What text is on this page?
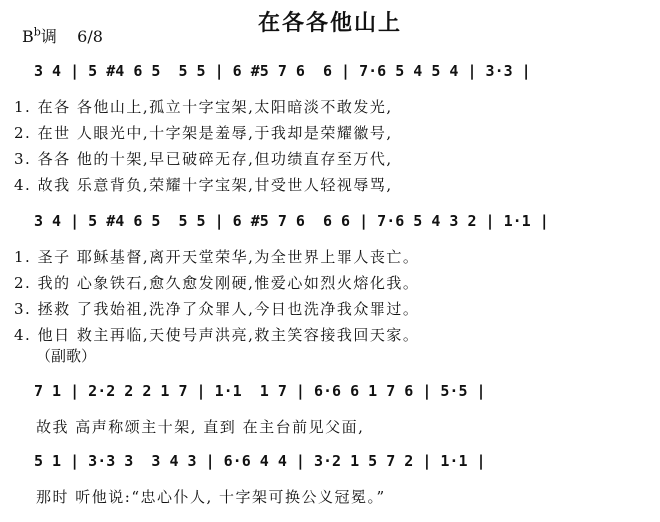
在各各他山上
$B^b$调 6/8
3 4 | 5 #4 6 5  5 5 | 6 #5 7 6  6 | 7·6 5 4 5 4 | 3·3 |
1. 在各 各他山上,孤立十字宝架,太阳暗淡不敢发光,
2. 在世 人眼光中,十字架是羞辱,于我却是荣耀徽号,
3. 各各 他的十架,早已破碎无存,但功绩直存至万代,
4. 故我 乐意背负,荣耀十字宝架,甘受世人轻视辱骂,
3 4 | 5 #4 6 5  5 5 | 6 #5 7 6  6 6 | 7·6 5 4 3 2 | 1·1 |
1. 圣子 耶稣基督,离开天堂荣华,为全世界上罪人丧亡。
2. 我的 心象铁石,愈久愈发刚硬,惟爱心如烈火熔化我。
3. 拯救 了我始祖,洗净了众罪人,今日也洗净我众罪过。
4. 他日 救主再临,天使号声洪亮,救主笑容接我回天家。
（副歌）
7 1 | 2·2 2 2 1 7 | 1·1  1 7 | 6·6 6 1 7 6 | 5·5 |
故我 高声称颂主十架, 直到 在主台前见父面,
5 1 | 3·3 3  3 4 3 | 6·6 4 4 | 3·2 1 5 7 2 | 1·1 |
那时 听他说:“忠心仆人, 十字架可换公义冠冕。”
